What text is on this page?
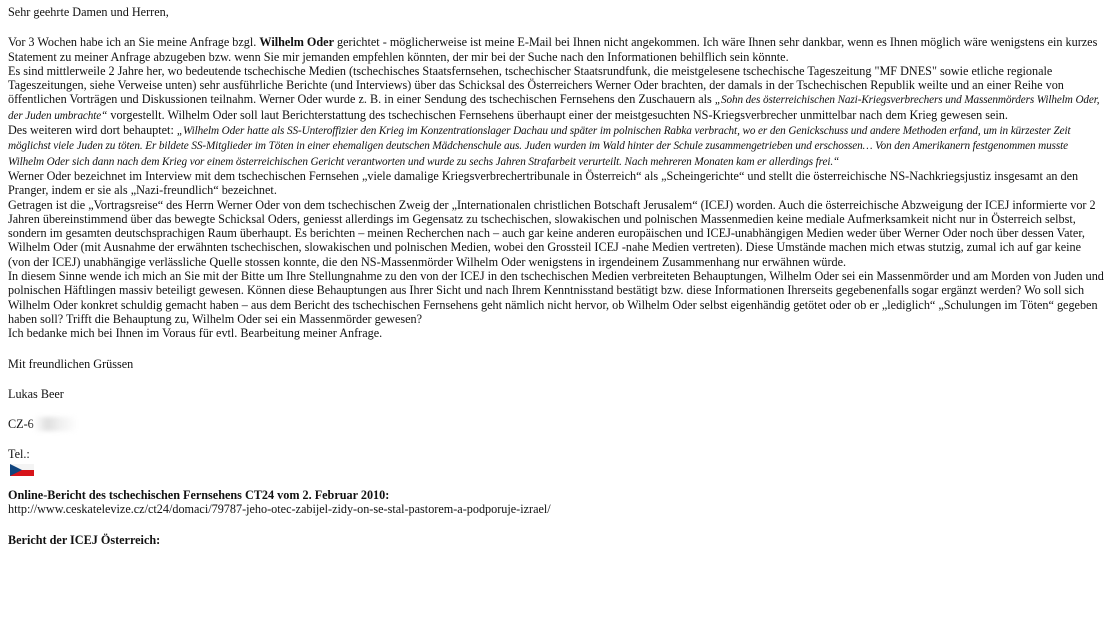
Sehr geehrte Damen und Herren,

Vor 3 Wochen habe ich an Sie meine Anfrage bzgl. Wilhelm Oder gerichtet - möglicherweise ist meine E-Mail bei Ihnen nicht angekommen. Ich wäre Ihnen sehr dankbar, wenn es Ihnen möglich wäre wenigstens ein kurzes Statement zu meiner Anfrage abzugeben bzw. wenn Sie mir jemanden empfehlen könnten, der mir bei der Suche nach den Informationen behilflich sein könnte.

Es sind mittlerweile 2 Jahre her, wo bedeutende tschechische Medien (tschechisches Staatsfernsehen, tschechischer Staatsrundfunk, die meistgelesene tschechische Tageszeitung "MF DNES" sowie etliche regionale Tageszeitungen, siehe Verweise unten) sehr ausführliche Berichte (und Interviews) über das Schicksal des Österreichers Werner Oder brachten, der damals in der Tschechischen Republik weilte und an einer Reihe von öffentlichen Vorträgen und Diskussionen teilnahm. Werner Oder wurde z. B. in einer Sendung des tschechischen Fernsehens den Zuschauern als „Sohn des österreichischen Nazi-Kriegsverbrechers und Massenmörders Wilhelm Oder, der Juden umbrachte“ vorgestellt. Wilhelm Oder soll laut Berichterstattung des tschechischen Fernsehens überhaupt einer der meistgesuchten NS-Kriegsverbrecher unmittelbar nach dem Krieg gewesen sein.

Des weiteren wird dort behauptet: „Wilhelm Oder hatte als SS-Unteroffizier den Krieg im Konzentrationslager Dachau und später im polnischen Rabka verbracht, wo er den Genickschuss und andere Methoden erfand, um in kürzester Zeit möglichst viele Juden zu töten. Er bildete SS-Mitglieder im Töten in einer ehemaligen deutschen Mädchenschule aus. Juden wurden im Wald hinter der Schule zusammengetrieben und erschossen… Von den Amerikanern festgenommen musste Wilhelm Oder sich dann nach dem Krieg vor einem österreichischen Gericht verantworten und wurde zu sechs Jahren Strafarbeit verurteilt. Nach mehreren Monaten kam er allerdings frei.“

Werner Oder bezeichnet im Interview mit dem tschechischen Fernsehen „viele damalige Kriegsverbrechertribunale in Österreich“ als „Scheingerichte“ und stellt die österreichische NS-Nachkriegsjustiz insgesamt an den Pranger, indem er sie als „Nazi-freundlich“ bezeichnet.

Getragen ist die „Vortragsreise“ des Herrn Werner Oder von dem tschechischen Zweig der „Internationalen christlichen Botschaft Jerusalem“ (ICEJ) worden. Auch die österreichische Abzweigung der ICEJ informierte vor 2 Jahren übereinstimmend über das bewegte Schicksal Oders, geniesst allerdings im Gegensatz zu tschechischen, slowakischen und polnischen Massenmedien keine mediale Aufmerksamkeit nicht nur in Österreich selbst, sondern im gesamten deutschsprachigen Raum überhaupt. Es berichten – meinen Recherchen nach – auch gar keine anderen europäischen und ICEJ-unabhängigen Medien weder über Werner Oder noch über dessen Vater, Wilhelm Oder (mit Ausnahme der erwähnten tschechischen, slowakischen und polnischen Medien, wobei den Grossteil ICEJ -nahe Medien vertreten). Diese Umstände machen mich etwas stutzig, zumal ich auf gar keine (von der ICEJ) unabhängige verlässliche Quelle stossen konnte, die den NS-Massenmörder Wilhelm Oder wenigstens in irgendeinem Zusammenhang nur erwähnen würde.

In diesem Sinne wende ich mich an Sie mit der Bitte um Ihre Stellungnahme zu den von der ICEJ in den tschechischen Medien verbreiteten Behauptungen, Wilhelm Oder sei ein Massenmörder und am Morden von Juden und polnischen Häftlingen massiv beteiligt gewesen. Können diese Behauptungen aus Ihrer Sicht und nach Ihrem Kenntnisstand bestätigt bzw. diese Informationen Ihrerseits gegebenenfalls sogar ergänzt werden? Wo soll sich Wilhelm Oder konkret schuldig gemacht haben – aus dem Bericht des tschechischen Fernsehens geht nämlich nicht hervor, ob Wilhelm Oder selbst eigenhändig getötet oder ob er „lediglich“ „Schulungen im Töten“ gegeben haben soll? Trifft die Behauptung zu, Wilhelm Oder sei ein Massenmörder gewesen?

Ich bedanke mich bei Ihnen im Voraus für evtl. Bearbeitung meiner Anfrage.

Mit freundlichen Grüssen

Lukas Beer

CZ-6

Tel.:

Online-Bericht des tschechischen Fernsehens CT24 vom 2. Februar 2010:

http://www.ceskatelevize.cz/ct24/domaci/79787-jeho-otec-zabijel-zidy-on-se-stal-pastorem-a-podporuje-izrael/

Bericht der ICEJ Österreich:
